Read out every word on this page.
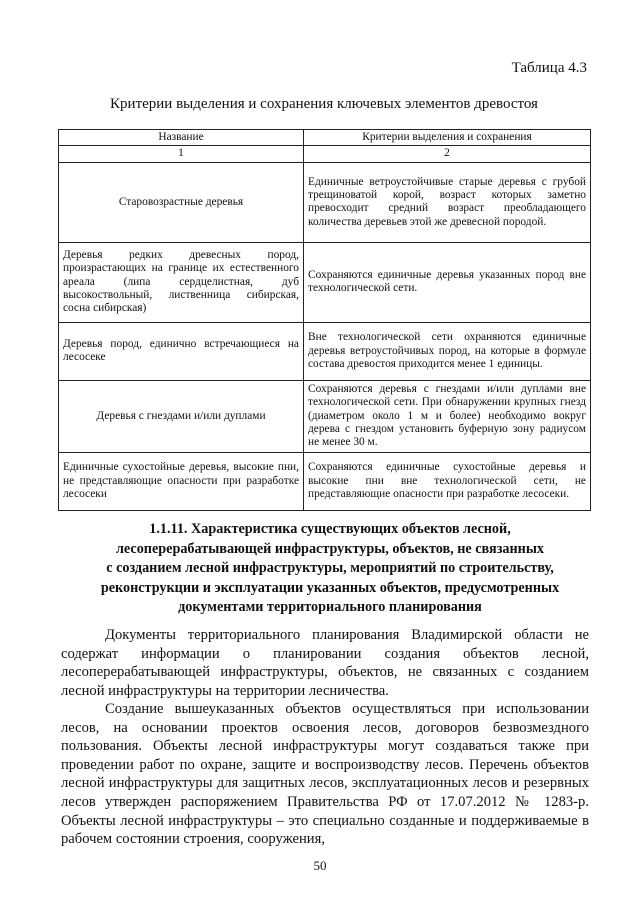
Таблица 4.3
Критерии выделения и сохранения ключевых элементов древостоя
Название	Критерии выделения и сохранения
1	2
Старовозрастные деревья	Единичные ветроустойчивые старые деревья с грубой трещиноватой корой, возраст которых заметно превосходит средний возраст преобладающего количества деревьев этой же древесной породой.
Деревья редких древесных пород, произрастающих на границе их естественного ареала (липа сердцелистная, дуб высокоствольный, лиственница сибирская, сосна сибирская)	Сохраняются единичные деревья указанных пород вне технологической сети.
Деревья пород, единично встречающиеся на лесосеке	Вне технологической сети охраняются единичные деревья ветроустойчивых пород, на которые в формуле состава древостоя приходится менее 1 единицы.
Деревья с гнездами и/или дуплами	Сохраняются деревья с гнездами и/или дуплами вне технологической сети. При обнаружении крупных гнезд (диаметром около 1 м и более) необходимо вокруг дерева с гнездом установить буферную зону радиусом не менее 30 м.
Единичные сухостойные деревья, высокие пни, не представляющие опасности при разработке лесосеки	Сохраняются единичные сухостойные деревья и высокие пни вне технологической сети, не представляющие опасности при разработке лесосеки.
1.1.11. Характеристика существующих объектов лесной,
лесоперерабатывающей инфраструктуры, объектов, не связанных
с созданием лесной инфраструктуры, мероприятий по строительству,
реконструкции и эксплуатации указанных объектов, предусмотренных
документами территориального планирования

Документы территориального планирования Владимирской области не содержат информации о планировании создания объектов лесной, лесоперерабатывающей инфраструктуры, объектов, не связанных с созданием лесной инфраструктуры на территории лесничества.

Создание вышеуказанных объектов осуществляться при использовании лесов, на основании проектов освоения лесов, договоров безвозмездного пользования. Объекты лесной инфраструктуры могут создаваться также при проведении работ по охране, защите и воспроизводству лесов. Перечень объектов лесной инфраструктуры для защитных лесов, эксплуатационных лесов и резервных лесов утвержден распоряжением Правительства РФ от 17.07.2012 № 1283-р. Объекты лесной инфраструктуры – это специально созданные и поддерживаемые в рабочем состоянии строения, сооружения,

50
